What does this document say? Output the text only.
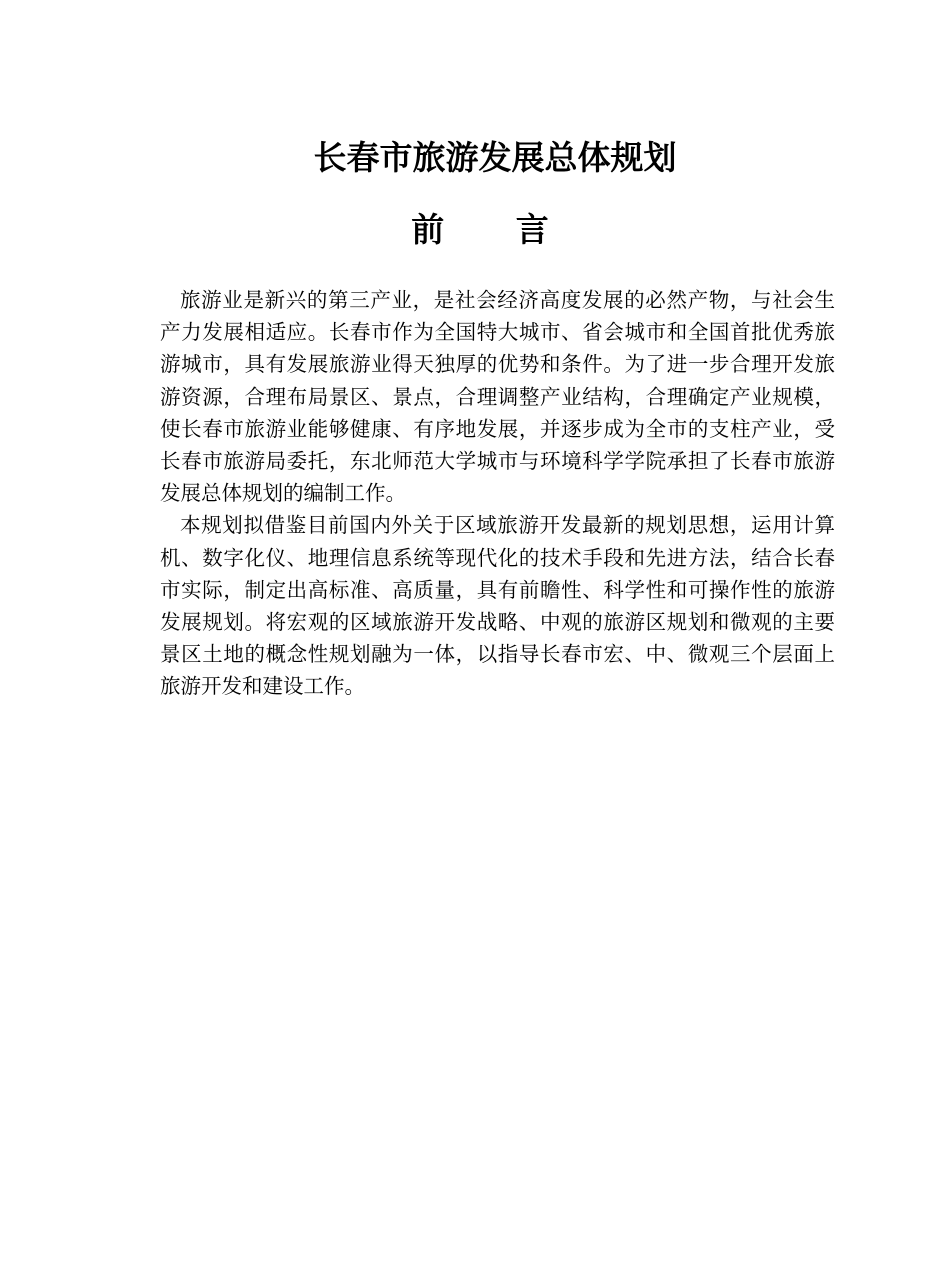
长春市旅游发展总体规划
前 言

旅游业是新兴的第三产业，是社会经济高度发展的必然产物，与社会生产力发展相适应。长春市作为全国特大城市、省会城市和全国首批优秀旅游城市，具有发展旅游业得天独厚的优势和条件。为了进一步合理开发旅游资源，合理布局景区、景点，合理调整产业结构，合理确定产业规模，使长春市旅游业能够健康、有序地发展，并逐步成为全市的支柱产业，受长春市旅游局委托，东北师范大学城市与环境科学学院承担了长春市旅游发展总体规划的编制工作。

本规划拟借鉴目前国内外关于区域旅游开发最新的规划思想，运用计算机、数字化仪、地理信息系统等现代化的技术手段和先进方法，结合长春市实际，制定出高标准、高质量，具有前瞻性、科学性和可操作性的旅游发展规划。将宏观的区域旅游开发战略、中观的旅游区规划和微观的主要景区土地的概念性规划融为一体，以指导长春市宏、中、微观三个层面上旅游开发和建设工作。
